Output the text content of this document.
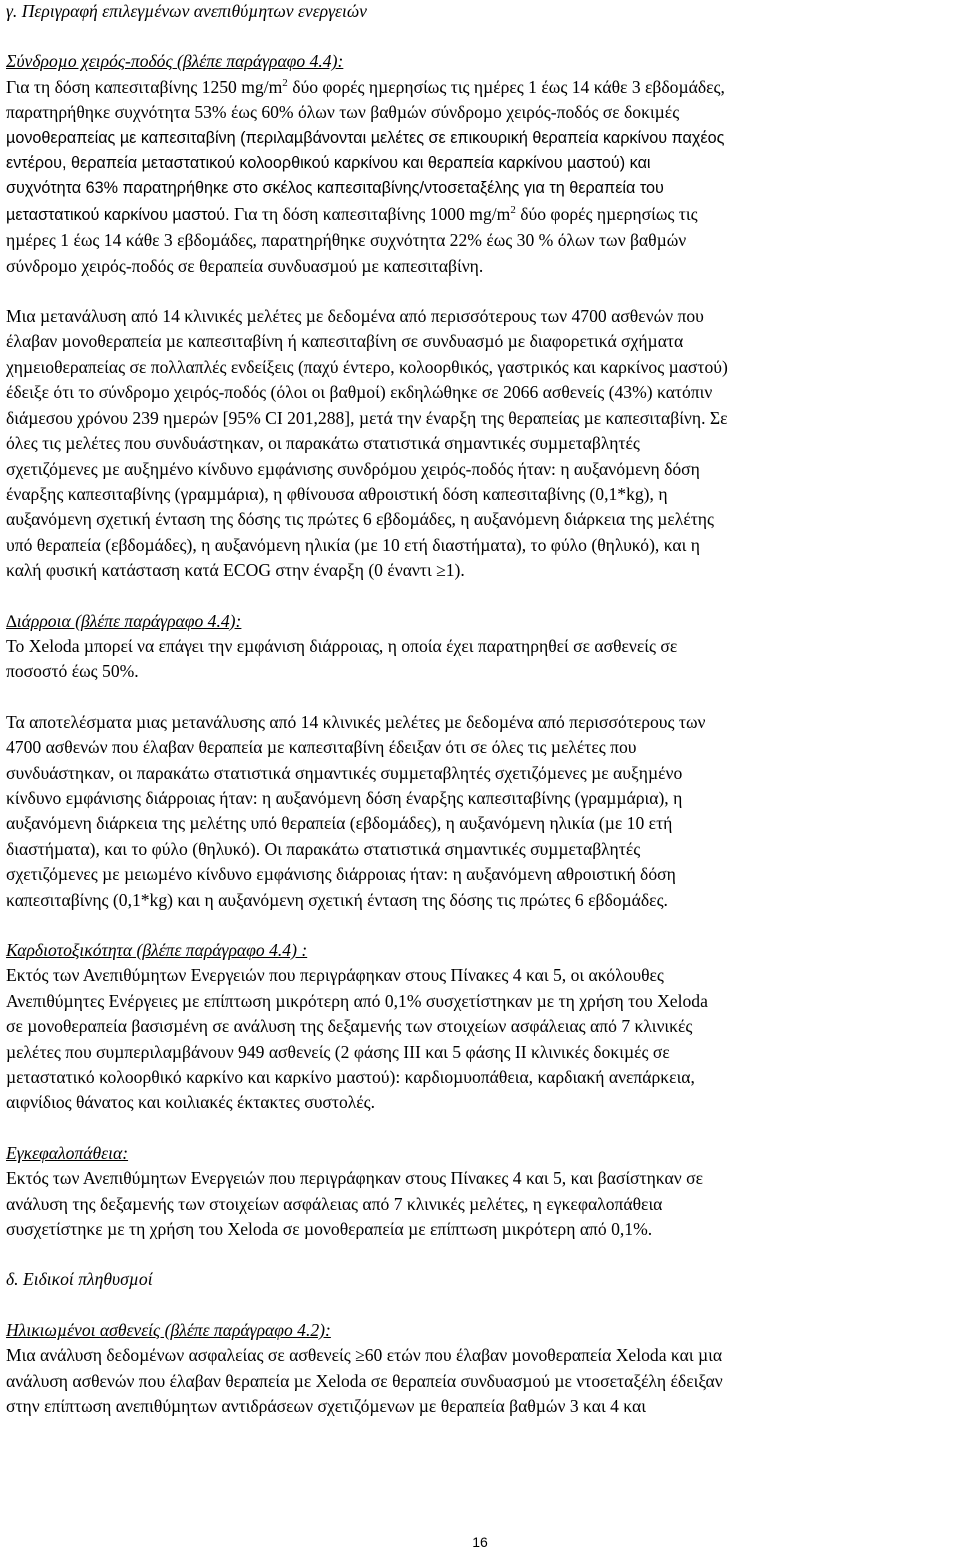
γ. Περιγραφή επιλεγµένων ανεπιθύµητων ενεργειών

Σύνδροµο χειρός-ποδός (βλέπε παράγραφο 4.4):

Για τη δόση καπεσιταβίνης 1250 $mg/m^2$ δύο φορές ηµερησίως τις ηµέρες 1 έως 14 κάθε 3 εβδοµάδες,

παρατηρήθηκε συχνότητα 53% έως 60% όλων των βαθµών σύνδροµο χειρός-ποδός σε δοκιµές

µονοθεραπείας µε καπεσιταβίνη (περιλαµβάνονται µελέτες σε επικουρική θεραπεία καρκίνου παχέος

εντέρου, θεραπεία µεταστατικού κολοορθικού καρκίνου και θεραπεία καρκίνου µαστού) και

συχνότητα 63% παρατηρήθηκε στο σκέλος καπεσιταβίνης/ντοσεταξέλης για τη θεραπεία του

µεταστατικού καρκίνου µαστού. Για τη δόση καπεσιταβίνης 1000 $mg/m^2$ δύο φορές ηµερησίως τις

ηµέρες 1 έως 14 κάθε 3 εβδοµάδες, παρατηρήθηκε συχνότητα 22% έως 30 % όλων των βαθµών

σύνδροµο χειρός-ποδός σε θεραπεία συνδυασµού µε καπεσιταβίνη.

Μια µετανάλυση από 14 κλινικές µελέτες µε δεδοµένα από περισσότερους των 4700 ασθενών που

έλαβαν µονοθεραπεία µε καπεσιταβίνη ή καπεσιταβίνη σε συνδυασµό µε διαφορετικά σχήµατα

χηµειοθεραπείας σε πολλαπλές ενδείξεις (παχύ έντερο, κολοορθικός, γαστρικός και καρκίνος µαστού)

έδειξε ότι το σύνδροµο χειρός-ποδός (όλοι οι βαθµοί) εκδηλώθηκε σε 2066 ασθενείς (43%) κατόπιν

διάµεσου χρόνου 239 ηµερών [95% CI 201,288], µετά την έναρξη της θεραπείας µε καπεσιταβίνη. Σε

όλες τις µελέτες που συνδυάστηκαν, οι παρακάτω στατιστικά σηµαντικές συµµεταβλητές

σχετιζόµενες µε αυξηµένο κίνδυνο εµφάνισης συνδρόµου χειρός-ποδός ήταν: η αυξανόµενη δόση

έναρξης καπεσιταβίνης (γραµµάρια), η φθίνουσα αθροιστική δόση καπεσιταβίνης (0,1*kg), η

αυξανόµενη σχετική ένταση της δόσης τις πρώτες 6 εβδοµάδες, η αυξανόµενη διάρκεια της µελέτης

υπό θεραπεία (εβδοµάδες), η αυξανόµενη ηλικία (µε 10 ετή διαστήµατα), το φύλο (θηλυκό), και η

καλή φυσική κατάσταση κατά ECOG στην έναρξη (0 έναντι ≥1).

∆ιάρροια (βλέπε παράγραφο 4.4):

Το Xeloda µπορεί να επάγει την εµφάνιση διάρροιας, η οποία έχει παρατηρηθεί σε ασθενείς σε

ποσοστό έως 50%.

Τα αποτελέσµατα µιας µετανάλυσης από 14 κλινικές µελέτες µε δεδοµένα από περισσότερους των

4700 ασθενών που έλαβαν θεραπεία µε καπεσιταβίνη έδειξαν ότι σε όλες τις µελέτες που

συνδυάστηκαν, οι παρακάτω στατιστικά σηµαντικές συµµεταβλητές σχετιζόµενες µε αυξηµένο

κίνδυνο εµφάνισης διάρροιας ήταν: η αυξανόµενη δόση έναρξης καπεσιταβίνης (γραµµάρια), η

αυξανόµενη διάρκεια της µελέτης υπό θεραπεία (εβδοµάδες), η αυξανόµενη ηλικία (µε 10 ετή

διαστήµατα), και το φύλο (θηλυκό). Οι παρακάτω στατιστικά σηµαντικές συµµεταβλητές

σχετιζόµενες µε µειωµένο κίνδυνο εµφάνισης διάρροιας ήταν: η αυξανόµενη αθροιστική δόση

καπεσιταβίνης (0,1*kg) και η αυξανόµενη σχετική ένταση της δόσης τις πρώτες 6 εβδοµάδες.

Καρδιοτοξικότητα (βλέπε παράγραφο 4.4) :

Εκτός των Ανεπιθύµητων Ενεργειών που περιγράφηκαν στους Πίνακες 4 και 5, οι ακόλουθες

Ανεπιθύµητες Ενέργειες µε επίπτωση µικρότερη από 0,1% συσχετίστηκαν µε τη χρήση του Xeloda

σε µονοθεραπεία βασισµένη σε ανάλυση της δεξαµενής των στοιχείων ασφάλειας από 7 κλινικές

µελέτες που συµπεριλαµβάνουν 949 ασθενείς (2 φάσης III και 5 φάσης II κλινικές δοκιµές σε

µεταστατικό κολοορθικό καρκίνο και καρκίνο µαστού): καρδιοµυοπάθεια, καρδιακή ανεπάρκεια,

αιφνίδιος θάνατος και κοιλιακές έκτακτες συστολές.

Εγκεφαλοπάθεια:

Εκτός των Ανεπιθύµητων Ενεργειών που περιγράφηκαν στους Πίνακες 4 και 5, και βασίστηκαν σε

ανάλυση της δεξαµενής των στοιχείων ασφάλειας από 7 κλινικές µελέτες, η εγκεφαλοπάθεια

συσχετίστηκε µε τη χρήση του Xeloda σε µονοθεραπεία µε επίπτωση µικρότερη από 0,1%.

δ. Ειδικοί πληθυσµοί

Ηλικιωµένοι ασθενείς (βλέπε παράγραφο 4.2):

Μια ανάλυση δεδοµένων ασφαλείας σε ασθενείς ≥60 ετών που έλαβαν µονοθεραπεία Xeloda και µια

ανάλυση ασθενών που έλαβαν θεραπεία µε Xeloda σε θεραπεία συνδυασµού µε ντοσεταξέλη έδειξαν

στην επίπτωση ανεπιθύµητων αντιδράσεων σχετιζόµενων µε θεραπεία βαθµών 3 και 4 και

16
